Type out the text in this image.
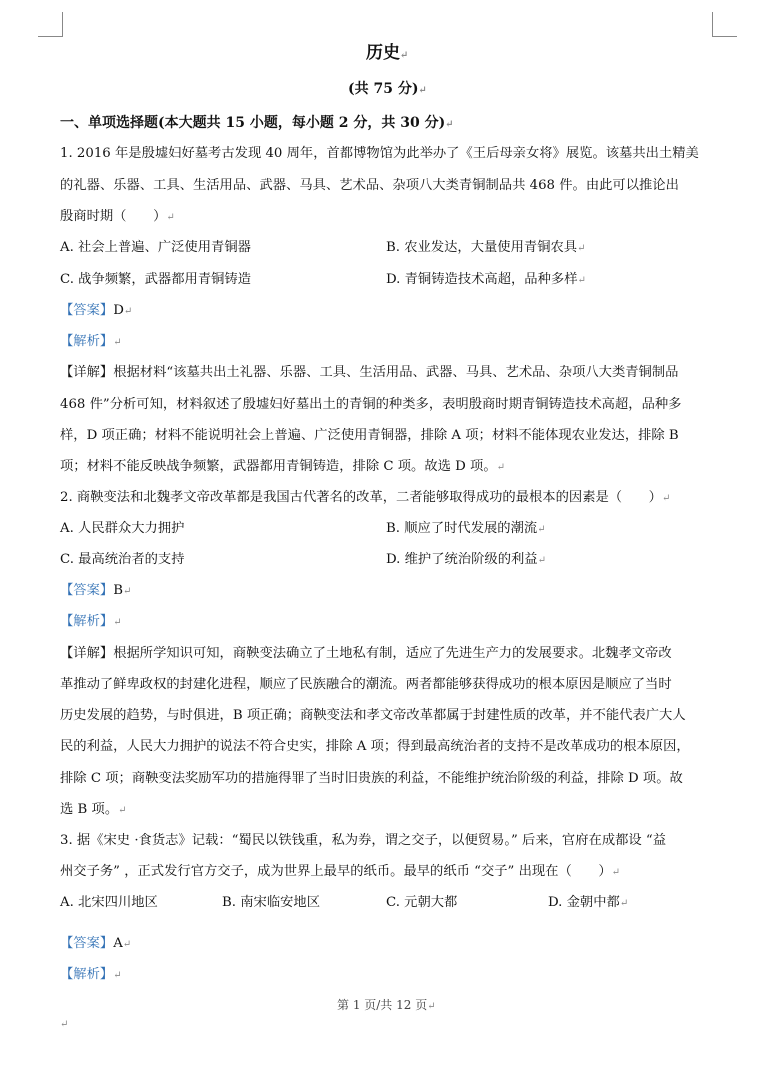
历史↵
(共 75 分)↵
一、单项选择题(本大题共 15 小题，每小题 2 分，共 30 分)↵
1. 2016 年是殷墟妇好墓考古发现 40 周年，首都博物馆为此举办了《王后母亲女将》展览。该墓共出土精美
的礼器、乐器、工具、生活用品、武器、马具、艺术品、杂项八大类青铜制品共 468 件。由此可以推论出
殷商时期（　　）↵
A. 社会上普遍、广泛使用青铜器	B. 农业发达，大量使用青铜农具↵
C. 战争频繁，武器都用青铜铸造	D. 青铜铸造技术高超，品种多样↵
【答案】D↵
【解析】↵
【详解】根据材料“该墓共出土礼器、乐器、工具、生活用品、武器、马具、艺术品、杂项八大类青铜制品
468 件”分析可知，材料叙述了殷墟妇好墓出土的青铜的种类多，表明殷商时期青铜铸造技术高超，品种多
样，D 项正确；材料不能说明社会上普遍、广泛使用青铜器，排除 A 项；材料不能体现农业发达，排除 B
项；材料不能反映战争频繁，武器都用青铜铸造，排除 C 项。故选 D 项。↵
2. 商鞅变法和北魏孝文帝改革都是我国古代著名的改革，二者能够取得成功的最根本的因素是（　　）↵
A. 人民群众大力拥护	B. 顺应了时代发展的潮流↵
C. 最高统治者的支持	D. 维护了统治阶级的利益↵
【答案】B↵
【解析】↵
【详解】根据所学知识可知，商鞅变法确立了土地私有制，适应了先进生产力的发展要求。北魏孝文帝改
革推动了鲜卑政权的封建化进程，顺应了民族融合的潮流。两者都能够获得成功的根本原因是顺应了当时
历史发展的趋势，与时俱进，B 项正确；商鞅变法和孝文帝改革都属于封建性质的改革，并不能代表广大人
民的利益，人民大力拥护的说法不符合史实，排除 A 项；得到最高统治者的支持不是改革成功的根本原因，
排除 C 项；商鞅变法奖励军功的措施得罪了当时旧贵族的利益，不能维护统治阶级的利益，排除 D 项。故
选 B 项。↵
3. 据《宋史 ·食货志》记载：“蜀民以铁钱重，私为券，谓之交子，以便贸易。” 后来，官府在成都设 “益
州交子务” ，正式发行官方交子，成为世界上最早的纸币。最早的纸币 “交子” 出现在（　　）↵
A. 北宋四川地区	B. 南宋临安地区	C. 元朝大都	D. 金朝中都↵
【答案】A↵
【解析】↵
第 1 页/共 12 页↵
↵
